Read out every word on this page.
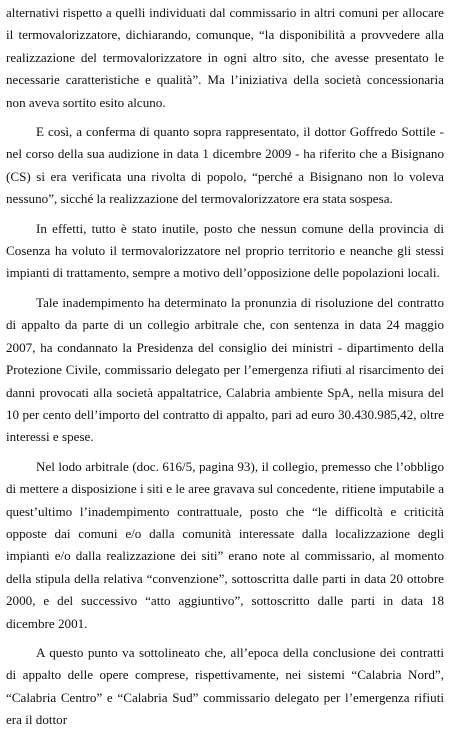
alternativi rispetto a quelli individuati dal commissario in altri comuni per allocare il termovalorizzatore, dichiarando, comunque, “la disponibilità a provvedere alla realizzazione del termovalorizzatore in ogni altro sito, che avesse presentato le necessarie caratteristiche e qualità”. Ma l’iniziativa della società concessionaria non aveva sortito esito alcuno.

E così, a conferma di quanto sopra rappresentato, il dottor Goffredo Sottile - nel corso della sua audizione in data 1 dicembre 2009 - ha riferito che a Bisignano (CS) si era verificata una rivolta di popolo, “perché a Bisignano non lo voleva nessuno”, sicché la realizzazione del termovalorizzatore era stata sospesa.

In effetti, tutto è stato inutile, posto che nessun comune della provincia di Cosenza ha voluto il termovalorizzatore nel proprio territorio e neanche gli stessi impianti di trattamento, sempre a motivo dell’opposizione delle popolazioni locali.

Tale inadempimento ha determinato la pronunzia di risoluzione del contratto di appalto da parte di un collegio arbitrale che, con sentenza in data 24 maggio 2007, ha condannato la Presidenza del consiglio dei ministri - dipartimento della Protezione Civile, commissario delegato per l’emergenza rifiuti al risarcimento dei danni provocati alla società appaltatrice, Calabria ambiente SpA, nella misura del 10 per cento dell’importo del contratto di appalto, pari ad euro 30.430.985,42, oltre interessi e spese.

Nel lodo arbitrale (doc. 616/5, pagina 93), il collegio, premesso che l’obbligo di mettere a disposizione i siti e le aree gravava sul concedente, ritiene imputabile a quest’ultimo l’inadempimento contrattuale, posto che “le difficoltà e criticità opposte dai comuni e/o dalla comunità interessate dalla localizzazione degli impianti e/o dalla realizzazione dei siti” erano note al commissario, al momento della stipula della relativa “convenzione”, sottoscritta dalle parti in data 20 ottobre 2000, e del successivo “atto aggiuntivo”, sottoscritto dalle parti in data 18 dicembre 2001.

A questo punto va sottolineato che, all’epoca della conclusione dei contratti di appalto delle opere comprese, rispettivamente, nei sistemi “Calabria Nord”, “Calabria Centro” e “Calabria Sud” commissario delegato per l’emergenza rifiuti era il dottor
